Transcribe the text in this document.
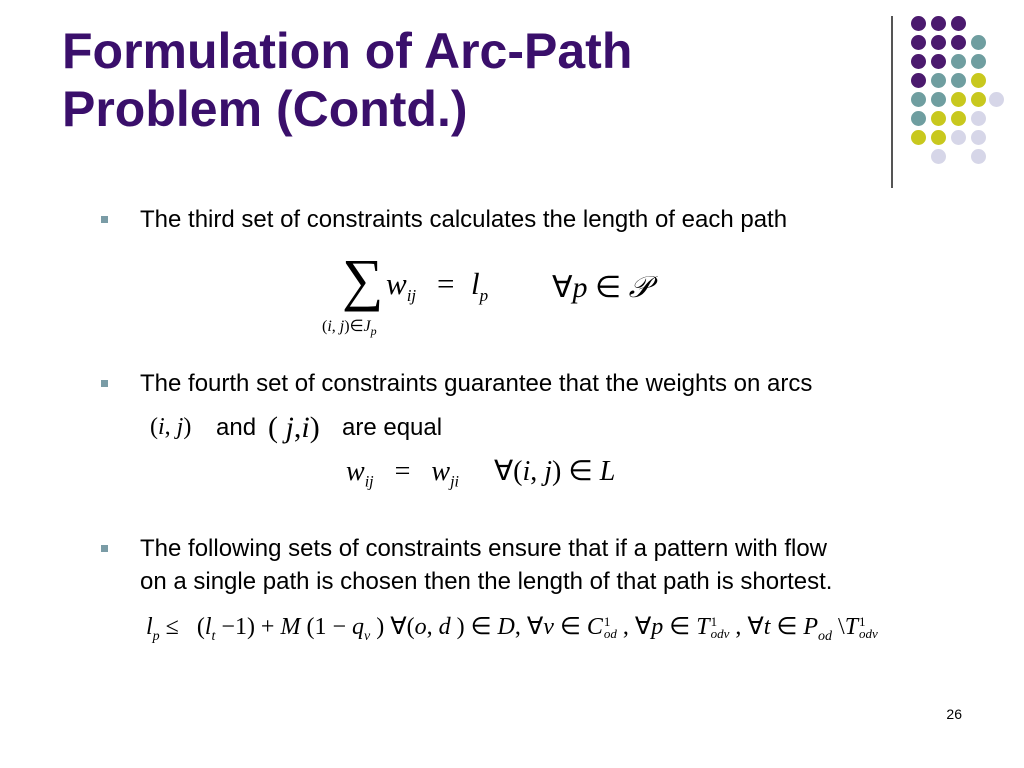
Formulation of Arc-Path
Problem (Contd.)
The third set of constraints calculates the length of each path
∑ $w_{ij} = l_p$ ∀p ∈ 𝒫
(i, $j)\in J_p$
The fourth set of constraints guarantee that the weights on arcs
(i, j) and ( j,i) are equal
$w_{ij} = w_{ji}$     ∀(i, j) ∈ L
The following sets of constraints ensure that if a pattern with flow
on a single path is chosen then the length of that path is shortest.
$l_p \le (l_t -1) + M$ ($1 - q_v$ ) ∀(o, d ) ∈ D, ∀v ∈ C 1
od , ∀p ∈ T 1
odv , ∀t ∈ $P_{od}$ \T 1
odv
26
